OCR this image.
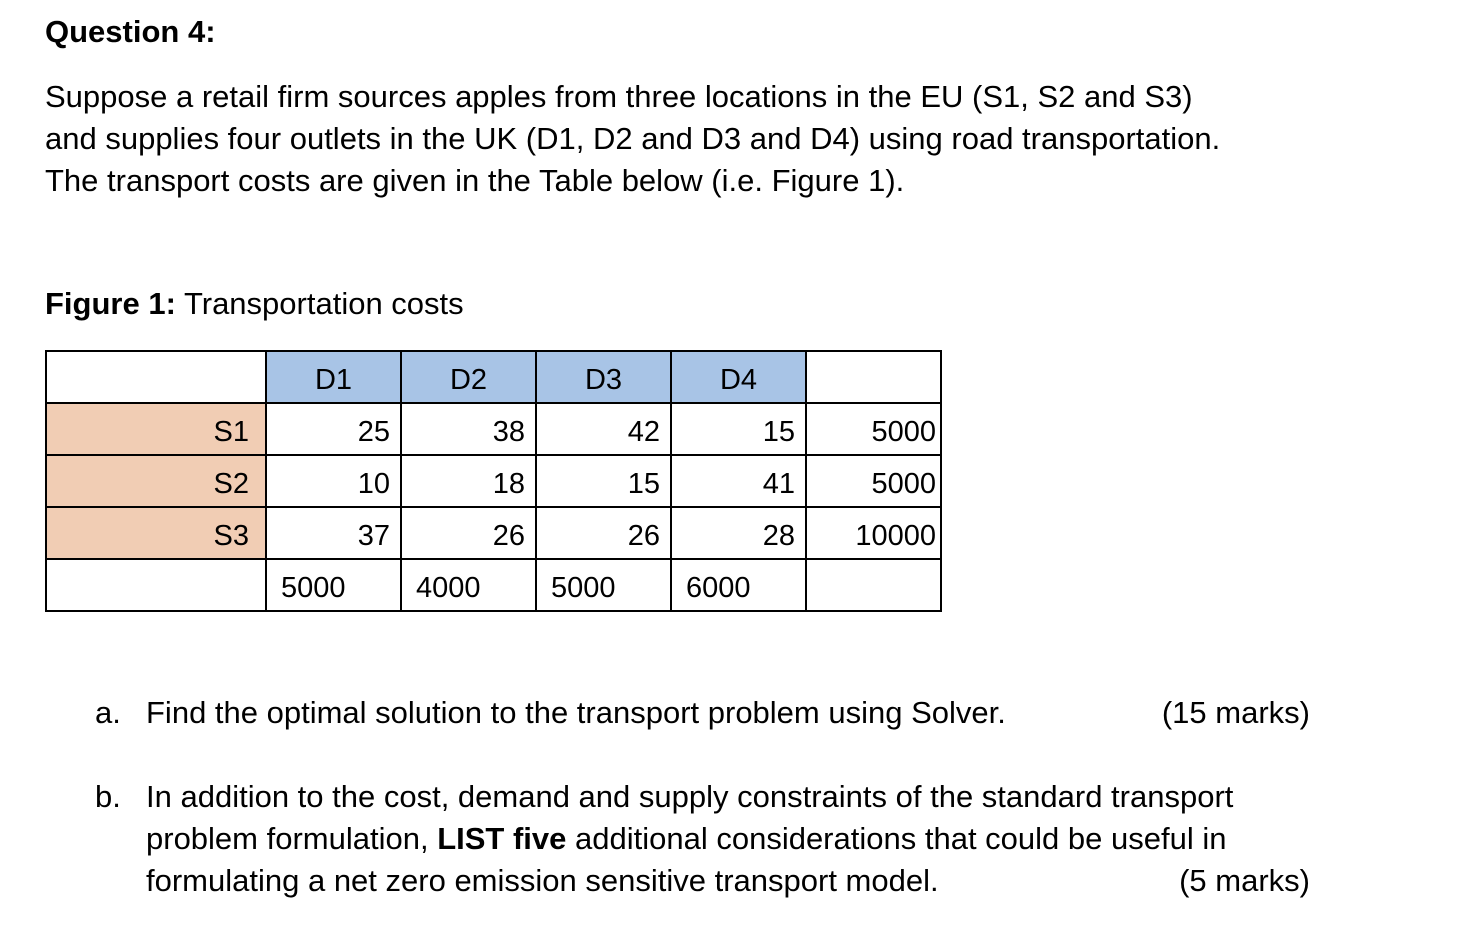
Question 4:
Suppose a retail firm sources apples from three locations in the EU (S1, S2 and S3)
and supplies four outlets in the UK (D1, D2 and D3 and D4) using road transportation.
The transport costs are given in the Table below (i.e. Figure 1).

Figure 1: Transportation costs

	D1	D2	D3	D4	
S1	25	38	42	15	5000
S2	10	18	15	41	5000
S3	37	26	26	28	10000
	5000	4000	5000	6000	
a. Find the optimal solution to the transport problem using Solver.	(15 marks)
b. In addition to the cost, demand and supply constraints of the standard transport
problem formulation, LIST five additional considerations that could be useful in
formulating a net zero emission sensitive transport model.	(5 marks)
